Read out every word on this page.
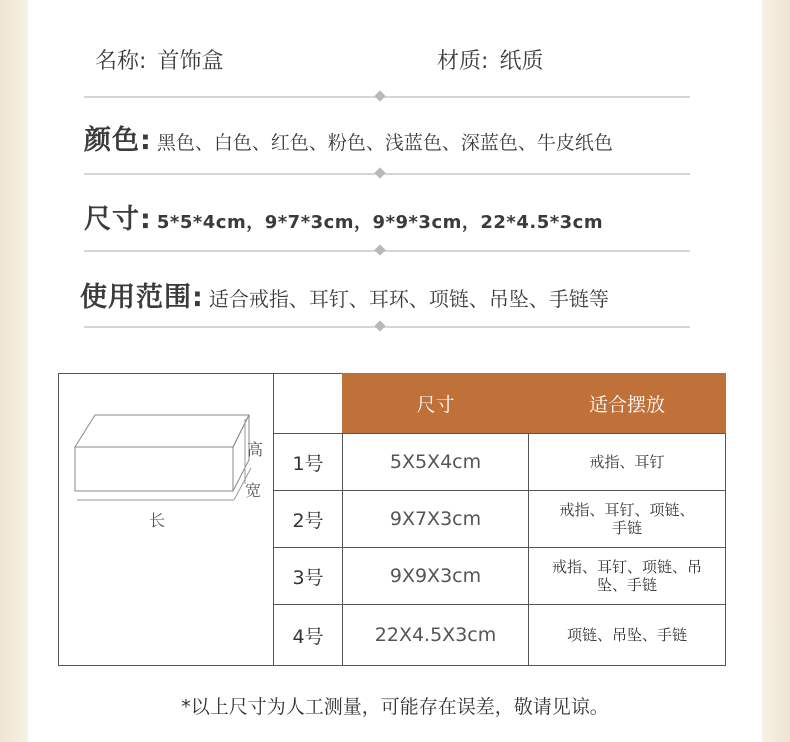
名称: 首饰盒	材质: 纸质
颜色: 黑色、白色、红色、粉色、浅蓝色、深蓝色、牛皮纸色
尺寸: 5*5*4cm，9*7*3cm，9*9*3cm，22*4.5*3cm
使用范围: 适合戒指、耳钉、耳环、项链、吊坠、手链等
高
宽
长
尺寸	适合摆放
1号	5X5X4cm	戒指、耳钉
2号	9X7X3cm	戒指、耳钉、项链、手链
3号	9X9X3cm	戒指、耳钉、项链、吊坠、手链
4号	22X4.5X3cm	项链、吊坠、手链
*以上尺寸为人工测量，可能存在误差，敬请见谅。
